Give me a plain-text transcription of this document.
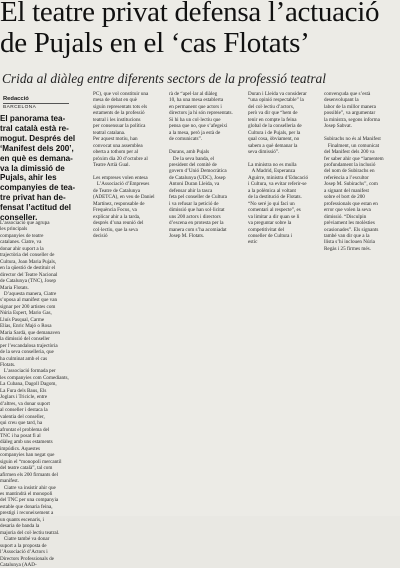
El teatre privat defensa l’actuació
de Pujals en el ‘cas Flotats’
Crida al diàleg entre diferents sectors de la professió teatral
Redacció
BARCELONA
El panorama tea-
tral català està re-
mogut. Després del
‘Manifest dels 200’,
en què es demana-
va la dimissió de
Pujals, ahir les
companyies de tea-
tre privat han de-
fensat l’actitud del
conseller.
L’associació que agrupa
les principals
companyies de teatre
catalanes. Ciatre, va
donar ahir suport a la
trajectòria del conseller de
Cultura, Joan Maria Pujals,
en la qüestió de destituir el
director del Teatre Nacional
de Catalunya (TNC), Josep
Maria Flotats.
D’aquesta manera, Ciatre
s’oposa al manifest que van
signar per 200 artistes com
Núria Espert, Mario Gas,
Lluís Pasqual, Carme
Elías, Enric Majó o Rosa
Maria Sardà, que demanaven
la dimissió del conseller
per l’escandalosa trajectòria
de la seva conselleria, que
ha culminat amb el cas
Flotats.
L’associació formada per
les companyies com Comediants,
La Cubana, Dagoll Dagom,
La Fura dels Baus, Els
Joglars i Tricicle, entre
d’altres, va donar suport
al conseller i destaca la
valentia del conseller,
qui creu que tard, ha
afrontat el problema del
TNC i ha posat fi al
diàleg amb uns estaments
impúdics. Aquestes
companyies han negat que
siguin el “monopoli mercantil
del teatre català”, tal com
afirmen els 200 firmants del
manifest.
Ciatre va insistir ahir que
es mantindrà el monopoli
del TNC per una companyia
estable que donaria feina,
prestigi i reconeixement a
un quants escenaris, i
desaria de banda la
majoria del col·lectiu teatral.
Ciatre també va donar
suport a la proposta de
l’Associació d’Actors i
Directors Professionals de
Catalunya (AAD-
PC), que vol constituir una
mesa de debat en què
siguin representats tots els
estaments de la professió
teatral i les institucions
per consensuar la política
teatral catalana.
Per aquest motiu, han
convocat una assemblea
oberta a tothom per al
pròxim dia 20 d’octubre al
Teatre Artià Gual.

Les empreses volen entesa
L’Associació d’Empreses
de Teatre de Catalunya
(ADETCA), en veu de Daniel
Martínez, responsable de
Frequència Focus, va
explicar ahir a la tarda,
després d’una reunió del
col·lectiu, que la seva
decisió
rà de “apel·lar al diàleg
10, ha una mesa establerta
en permanent que actors i
directors ja hi són representats.
Si hi ha un col·lectiu que
pensa que no, que s’afegeixi
a la mesa, però ja està de
de comunicats”.

Durans, amb Pujals
De la seva banda, el
president del comitè de
govern d’Unió Democràtica
de Catalunya (UDC), Josep
Antoni Duran Lleida, va
defensar ahir la tasca
feta pel conseller de Cultura
i va refusar la petició de
dimissió que han sol·licitat
uns 200 actors i directors
d’escena en protesta per la
manera com s’ha acomiadat
Josep M. Flotats.
Duran i Lleida va considerar
“una opinió respectable” la
del col·lectiu d’actors,
però va dir que “hem de
tenir en compte la feina
global de la conselleria de
Cultura i de Pujals, per la
qual cosa, òbviament, no
sabem a què demanar la
seva dimissió”.

La ministra no es mulla
A Madrid, Esperanza
Aguirre, ministra d’Educació
i Cultura, va evitar referir-se
a la polèmica al voltant
de la destitució de Flotats.
“No seré jo qui faci un
comentari al respecte”, es
va limitar a dir quan se li
va preguntar sobre la
competitivitat del
conseller de Cultura i
estic
convençuda que s’està
desenvolupant la
labor de la millor manera
possible”, va argumentar
la ministra, segons informa
Josep Sabvat.

Subirachs no és al Manifest
Finalment, un comunicat
del Manifest dels 200 va
fer saber ahir que “lamentem
profundament la inclusió
del nom de Subirachs en
referència a l’escultor
Josep M. Subirachs”, com
a signant del manifest
sobre el bort de 200
professionals que estan en
error que volen la seva
dimissió. “Disculpin
prèviament les molèsties
ocasionades”. Els signants
també van dir que a la
llista s’hi inclouen Núria
Regàs i 25 firmes més.
